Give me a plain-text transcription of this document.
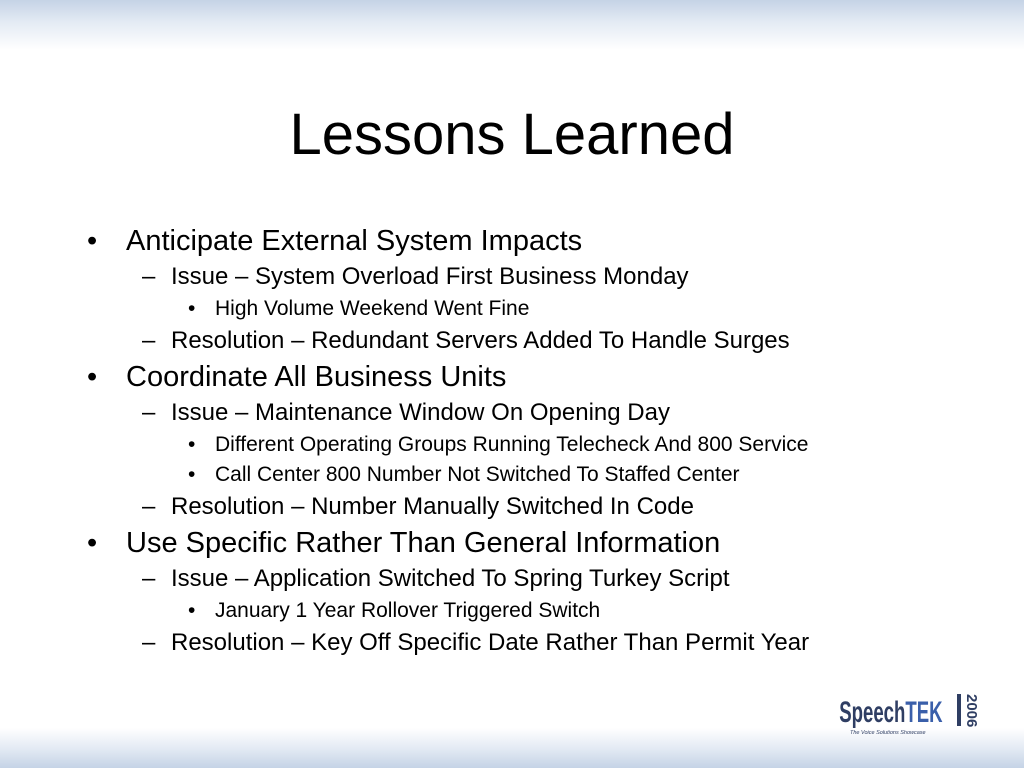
Lessons Learned
• Anticipate External System Impacts
– Issue – System Overload First Business Monday
• High Volume Weekend Went Fine
– Resolution – Redundant Servers Added To Handle Surges
• Coordinate All Business Units
– Issue – Maintenance Window On Opening Day
• Different Operating Groups Running Telecheck And 800 Service
• Call Center 800 Number Not Switched To Staffed Center
– Resolution – Number Manually Switched In Code
• Use Specific Rather Than General Information
– Issue – Application Switched To Spring Turkey Script
• January 1 Year Rollover Triggered Switch
– Resolution – Key Off Specific Date Rather Than Permit Year
SpeechTEK 2006
The Voice Solutions Showcase
